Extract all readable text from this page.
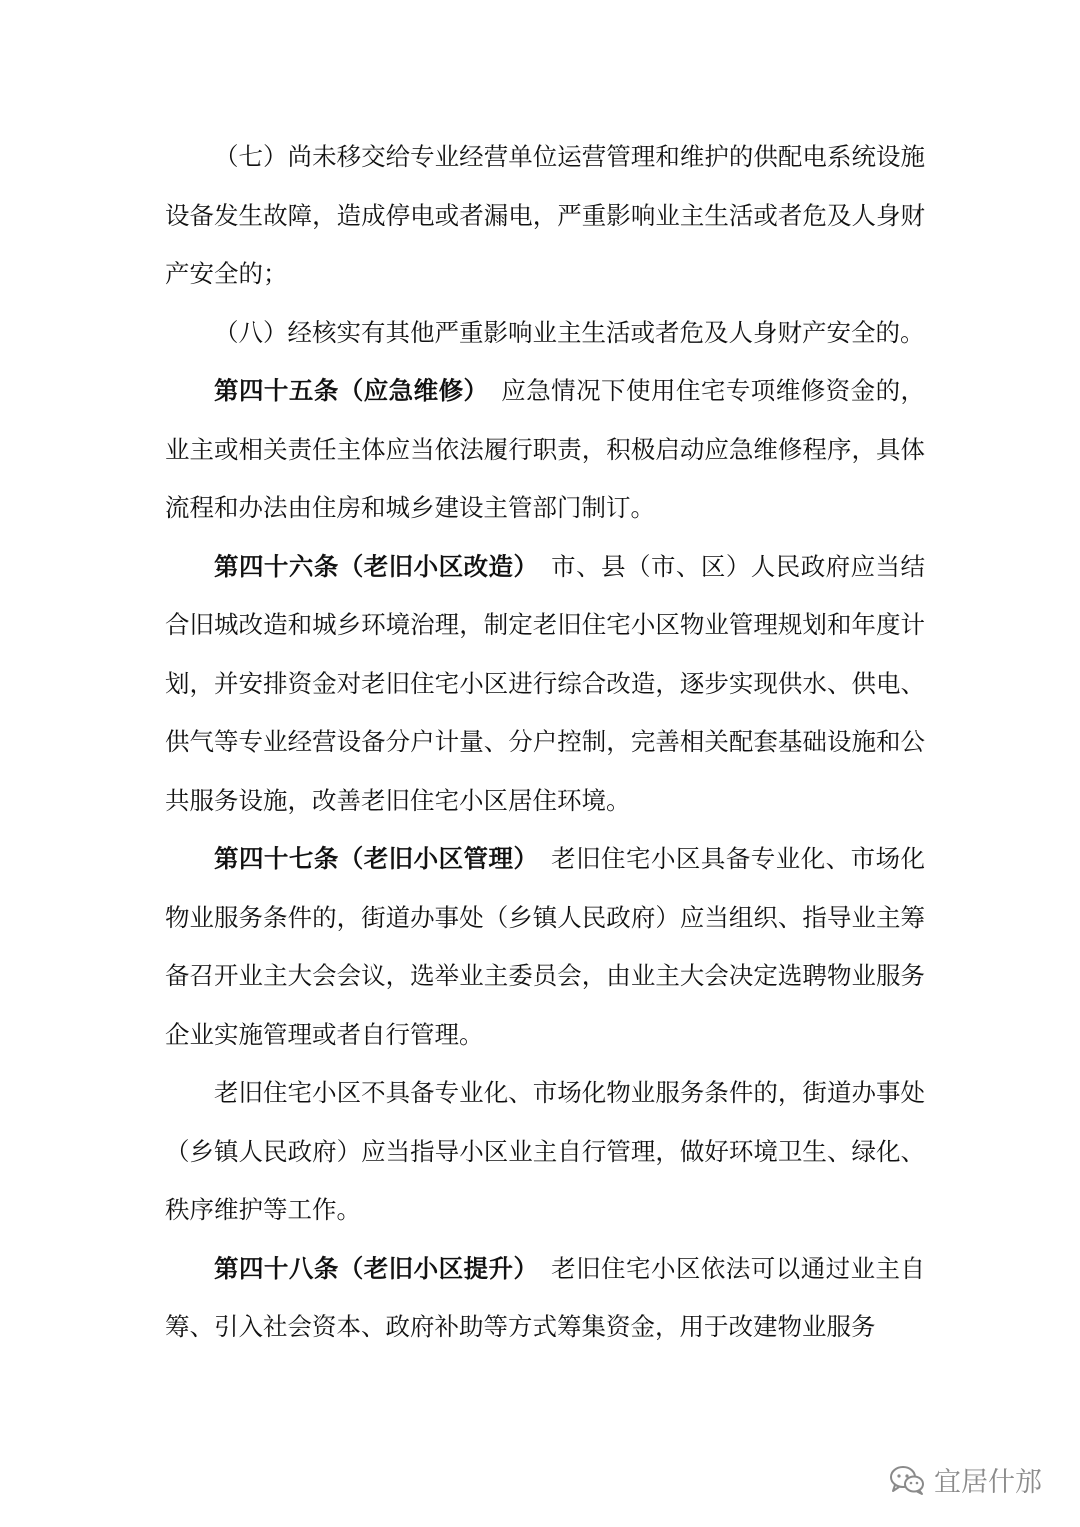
（七）尚未移交给专业经营单位运营管理和维护的供配电系统设施设备发生故障，造成停电或者漏电，严重影响业主生活或者危及人身财产安全的；

（八）经核实有其他严重影响业主生活或者危及人身财产安全的。

第四十五条（应急维修） 应急情况下使用住宅专项维修资金的，业主或相关责任主体应当依法履行职责，积极启动应急维修程序，具体流程和办法由住房和城乡建设主管部门制订。

第四十六条（老旧小区改造） 市、县（市、区）人民政府应当结合旧城改造和城乡环境治理，制定老旧住宅小区物业管理规划和年度计划，并安排资金对老旧住宅小区进行综合改造，逐步实现供水、供电、供气等专业经营设备分户计量、分户控制，完善相关配套基础设施和公共服务设施，改善老旧住宅小区居住环境。

第四十七条（老旧小区管理） 老旧住宅小区具备专业化、市场化物业服务条件的，街道办事处（乡镇人民政府）应当组织、指导业主筹备召开业主大会会议，选举业主委员会，由业主大会决定选聘物业服务企业实施管理或者自行管理。

老旧住宅小区不具备专业化、市场化物业服务条件的，街道办事处（乡镇人民政府）应当指导小区业主自行管理，做好环境卫生、绿化、秩序维护等工作。

第四十八条（老旧小区提升） 老旧住宅小区依法可以通过业主自筹、引入社会资本、政府补助等方式筹集资金，用于改建物业服务

宜居什邡
